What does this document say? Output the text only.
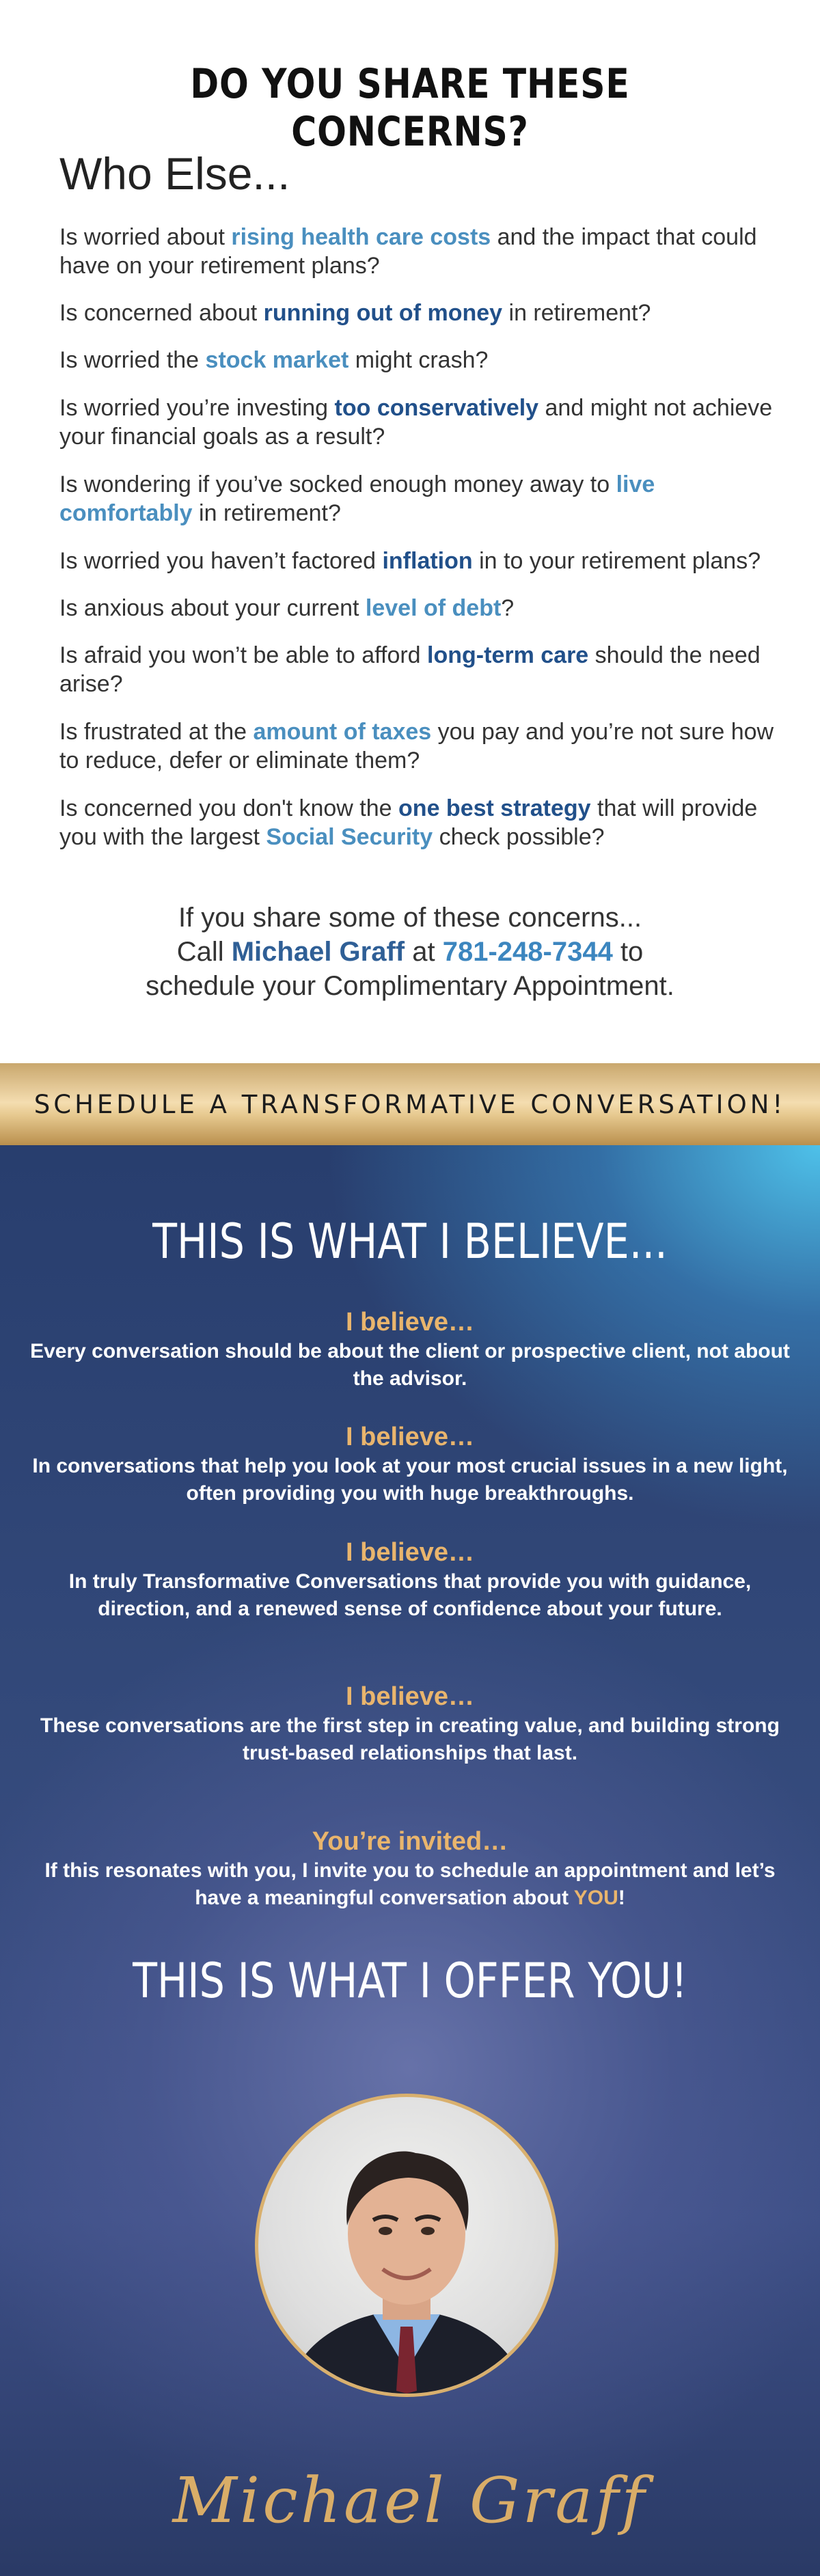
DO YOU SHARE THESE CONCERNS?
Who Else...
Is worried about rising health care costs and the impact that could have on your retirement plans?
Is concerned about running out of money in retirement?
Is worried the stock market might crash?
Is worried you’re investing too conservatively and might not achieve your financial goals as a result?
Is wondering if you’ve socked enough money away to live comfortably in retirement?
Is worried you haven’t factored inflation in to your retirement plans?
Is anxious about your current level of debt?
Is afraid you won’t be able to afford long-term care should the need arise?
Is frustrated at the amount of taxes you pay and you’re not sure how to reduce, defer or eliminate them?
Is concerned you don't know the one best strategy that will provide you with the largest Social Security check possible?
If you share some of these concerns...
Call Michael Graff at 781-248-7344 to
schedule your Complimentary Appointment.
SCHEDULE A TRANSFORMATIVE CONVERSATION!
THIS IS WHAT I BELIEVE...
I believe…
Every conversation should be about the client or prospective client, not about the advisor.
I believe…
In conversations that help you look at your most crucial issues in a new light, often providing you with huge breakthroughs.
I believe…
In truly Transformative Conversations that provide you with guidance, direction, and a renewed sense of confidence about your future.
I believe…
These conversations are the first step in creating value, and building strong trust-based relationships that last.
You’re invited…
If this resonates with you, I invite you to schedule an appointment and let’s have a meaningful conversation about YOU!
THIS IS WHAT I OFFER YOU!
Michael Graff
